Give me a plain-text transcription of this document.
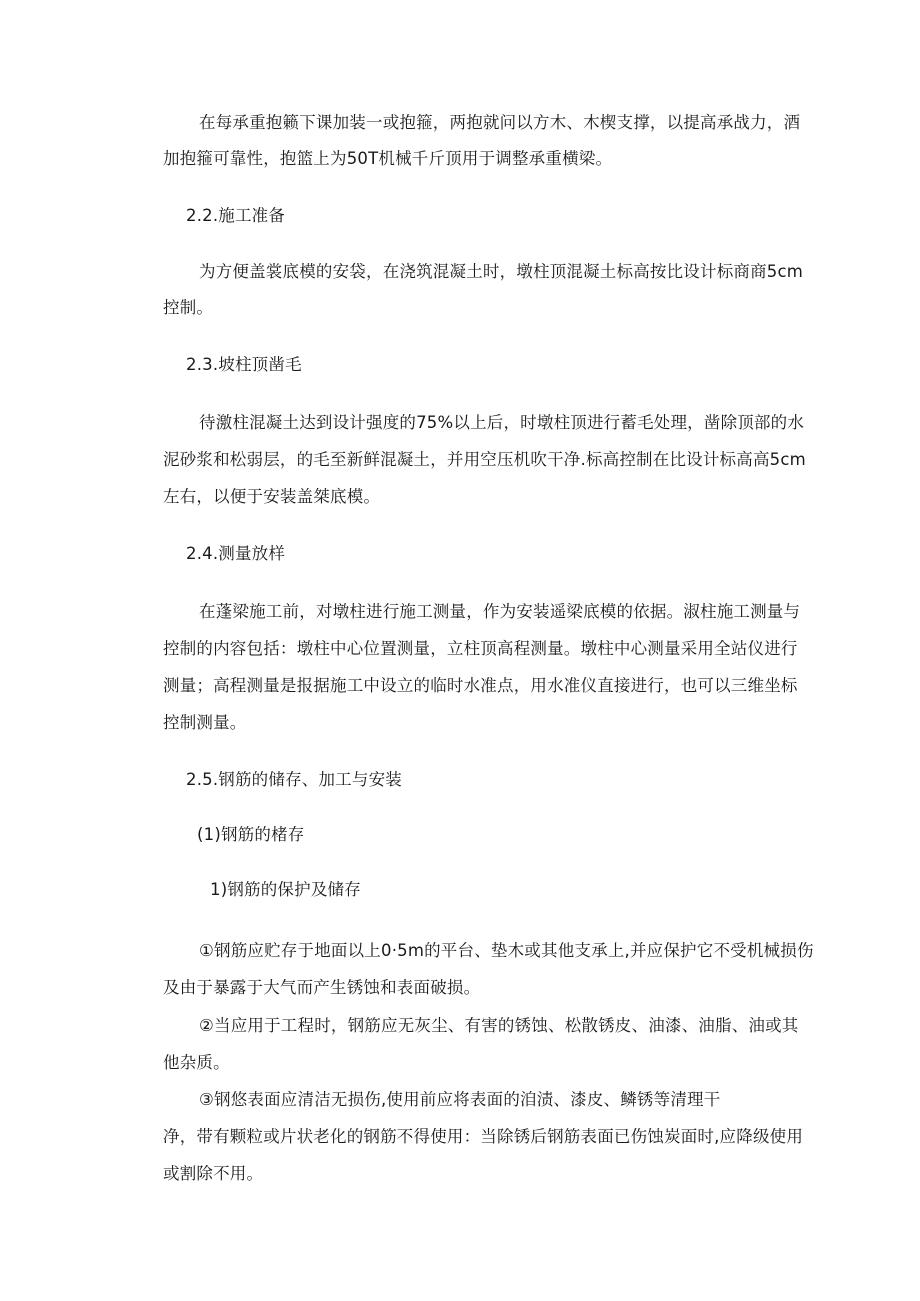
在每承重抱籁下课加装一或抱箍，两抱就问以方木、木楔支撑，以提高承战力，酒

加抱箍可靠性，抱篮上为50T机械千斤顶用于调整承重横梁。

2.2.施工准备

为方便盖裳底模的安袋，在浇筑混凝土时，墩柱顶混凝土标高按比设计标商商5cm

控制。

2.3.坡柱顶凿毛

待激柱混凝土达到设计强度的75%以上后，时墩柱顶进行蓄毛处理，凿除顶部的水

泥砂浆和松弱层，的毛至新鲜混凝土，并用空压机吹干净.标高控制在比设计标高高5cm

左右，以便于安装盖桀底模。

2.4.测量放样

在蓬梁施工前，对墩柱进行施工测量，作为安装遥梁底模的依据。淑柱施工测量与

控制的内容包括：墩柱中心位置测量，立柱顶高程测量。墩柱中心测量采用全站仪进行

测量；高程测量是报据施工中设立的临时水准点，用水准仪直接进行，也可以三维坐标

控制测量。

2.5.钢筋的储存、加工与安装

(1)钢筋的楮存

1)钢筋的保护及储存

①钢筋应贮存于地面以上0·5m的平台、垫木或其他支承上,并应保护它不受机械损伤

及由于暴露于大气而产生锈蚀和表面破损。

②当应用于工程时，钢筋应无灰尘、有害的锈蚀、松散锈皮、油漆、油脂、油或其

他杂质。

③钢悠表面应清洁无损伤,使用前应将表面的洎渍、漆皮、鳞锈等清理干

净，带有颗粒或片状老化的钢筋不得使用：当除锈后钢筋表面已伤蚀炭面时,应降级使用

或割除不用。
